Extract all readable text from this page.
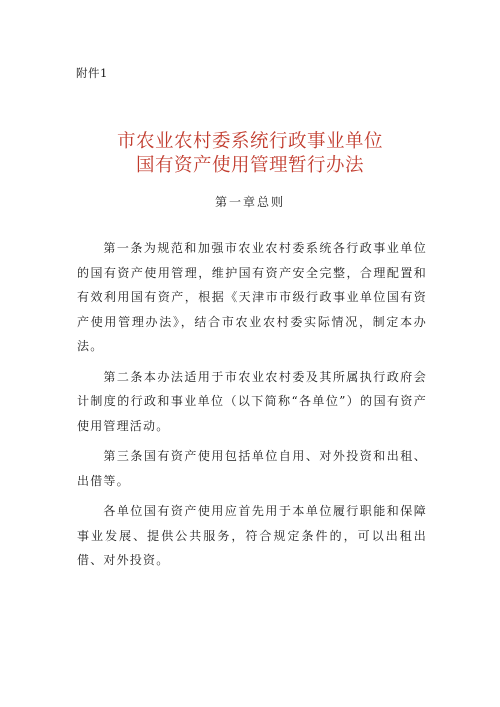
附件1
市农业农村委系统行政事业单位
国有资产使用管理暂行办法
第一章总则

第一条为规范和加强市农业农村委系统各行政事业单位的国有资产使用管理，维护国有资产安全完整，合理配置和有效利用国有资产，根据《天津市市级行政事业单位国有资产使用管理办法》，结合市农业农村委实际情况，制定本办法。

第二条本办法适用于市农业农村委及其所属执行政府会计制度的行政和事业单位（以下简称“各单位”）的国有资产使用管理活动。

第三条国有资产使用包括单位自用、对外投资和出租、出借等。

各单位国有资产使用应首先用于本单位履行职能和保障事业发展、提供公共服务，符合规定条件的，可以出租出借、对外投资。
